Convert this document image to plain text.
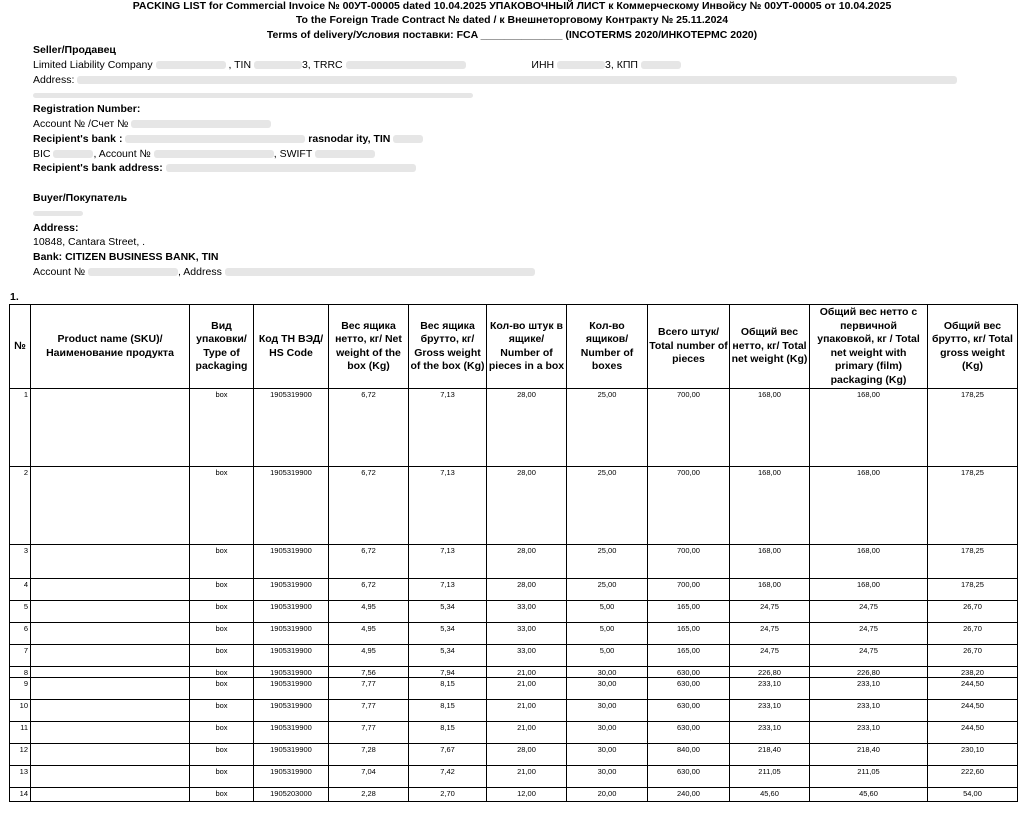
PACKING LIST for Commercial Invoice № 00УТ-00005 dated 10.04.2025 УПАКОВОЧНЫЙ ЛИСТ к Коммерческому Инвойсу № 00УТ-00005 от 10.04.2025
To the Foreign Trade Contract № dated / к Внешнеторговому Контракту № 25.11.2024
Terms of delivery/Условия поставки: FCA ______________ (INCOTERMS 2020/ИНКОТЕРМС 2020)
Seller/Продавец
Limited Liability Company	, TIN	3, TRRC	ИНН	3, КПП
Address:
Registration Number:
Account № /Счет №
Recipient's bank :	rasnodar ity, TIN
BIC	, Account №	, SWIFT
Recipient's bank address:
Buyer/Покупатель
Address:
10848, Cantara Street, .
Bank: CITIZEN BUSINESS BANK, TIN
Account №	, Address
1.
№	Product name (SKU)/ Наименование продукта	Вид упаковки/ Type of packaging	Код ТН ВЭД/ HS Code	Вес ящика нетто, кг/ Net weight of the box (Kg)	Вес ящика брутто, кг/ Gross weight of the box (Kg)	Кол-во штук в ящике/ Number of pieces in a box	Кол-во ящиков/ Number of boxes	Всего штук/ Total number of pieces	Общий вес нетто, кг/ Total net weight (Kg)	Общий вес нетто с первичной упаковкой, кг / Total net weight with primary (film) packaging (Kg)	Общий вес брутто, кг/ Total gross weight (Kg)
1		box	1905319900	6,72	7,13	28,00	25,00	700,00	168,00	168,00	178,25
2		box	1905319900	6,72	7,13	28,00	25,00	700,00	168,00	168,00	178,25
3		box	1905319900	6,72	7,13	28,00	25,00	700,00	168,00	168,00	178,25
4		box	1905319900	6,72	7,13	28,00	25,00	700,00	168,00	168,00	178,25
5		box	1905319900	4,95	5,34	33,00	5,00	165,00	24,75	24,75	26,70
6		box	1905319900	4,95	5,34	33,00	5,00	165,00	24,75	24,75	26,70
7		box	1905319900	4,95	5,34	33,00	5,00	165,00	24,75	24,75	26,70
8		box	1905319900	7,56	7,94	21,00	30,00	630,00	226,80	226,80	238,20
9		box	1905319900	7,77	8,15	21,00	30,00	630,00	233,10	233,10	244,50
10		box	1905319900	7,77	8,15	21,00	30,00	630,00	233,10	233,10	244,50
11		box	1905319900	7,77	8,15	21,00	30,00	630,00	233,10	233,10	244,50
12		box	1905319900	7,28	7,67	28,00	30,00	840,00	218,40	218,40	230,10
13		box	1905319900	7,04	7,42	21,00	30,00	630,00	211,05	211,05	222,60
14		box	1905203000	2,28	2,70	12,00	20,00	240,00	45,60	45,60	54,00
